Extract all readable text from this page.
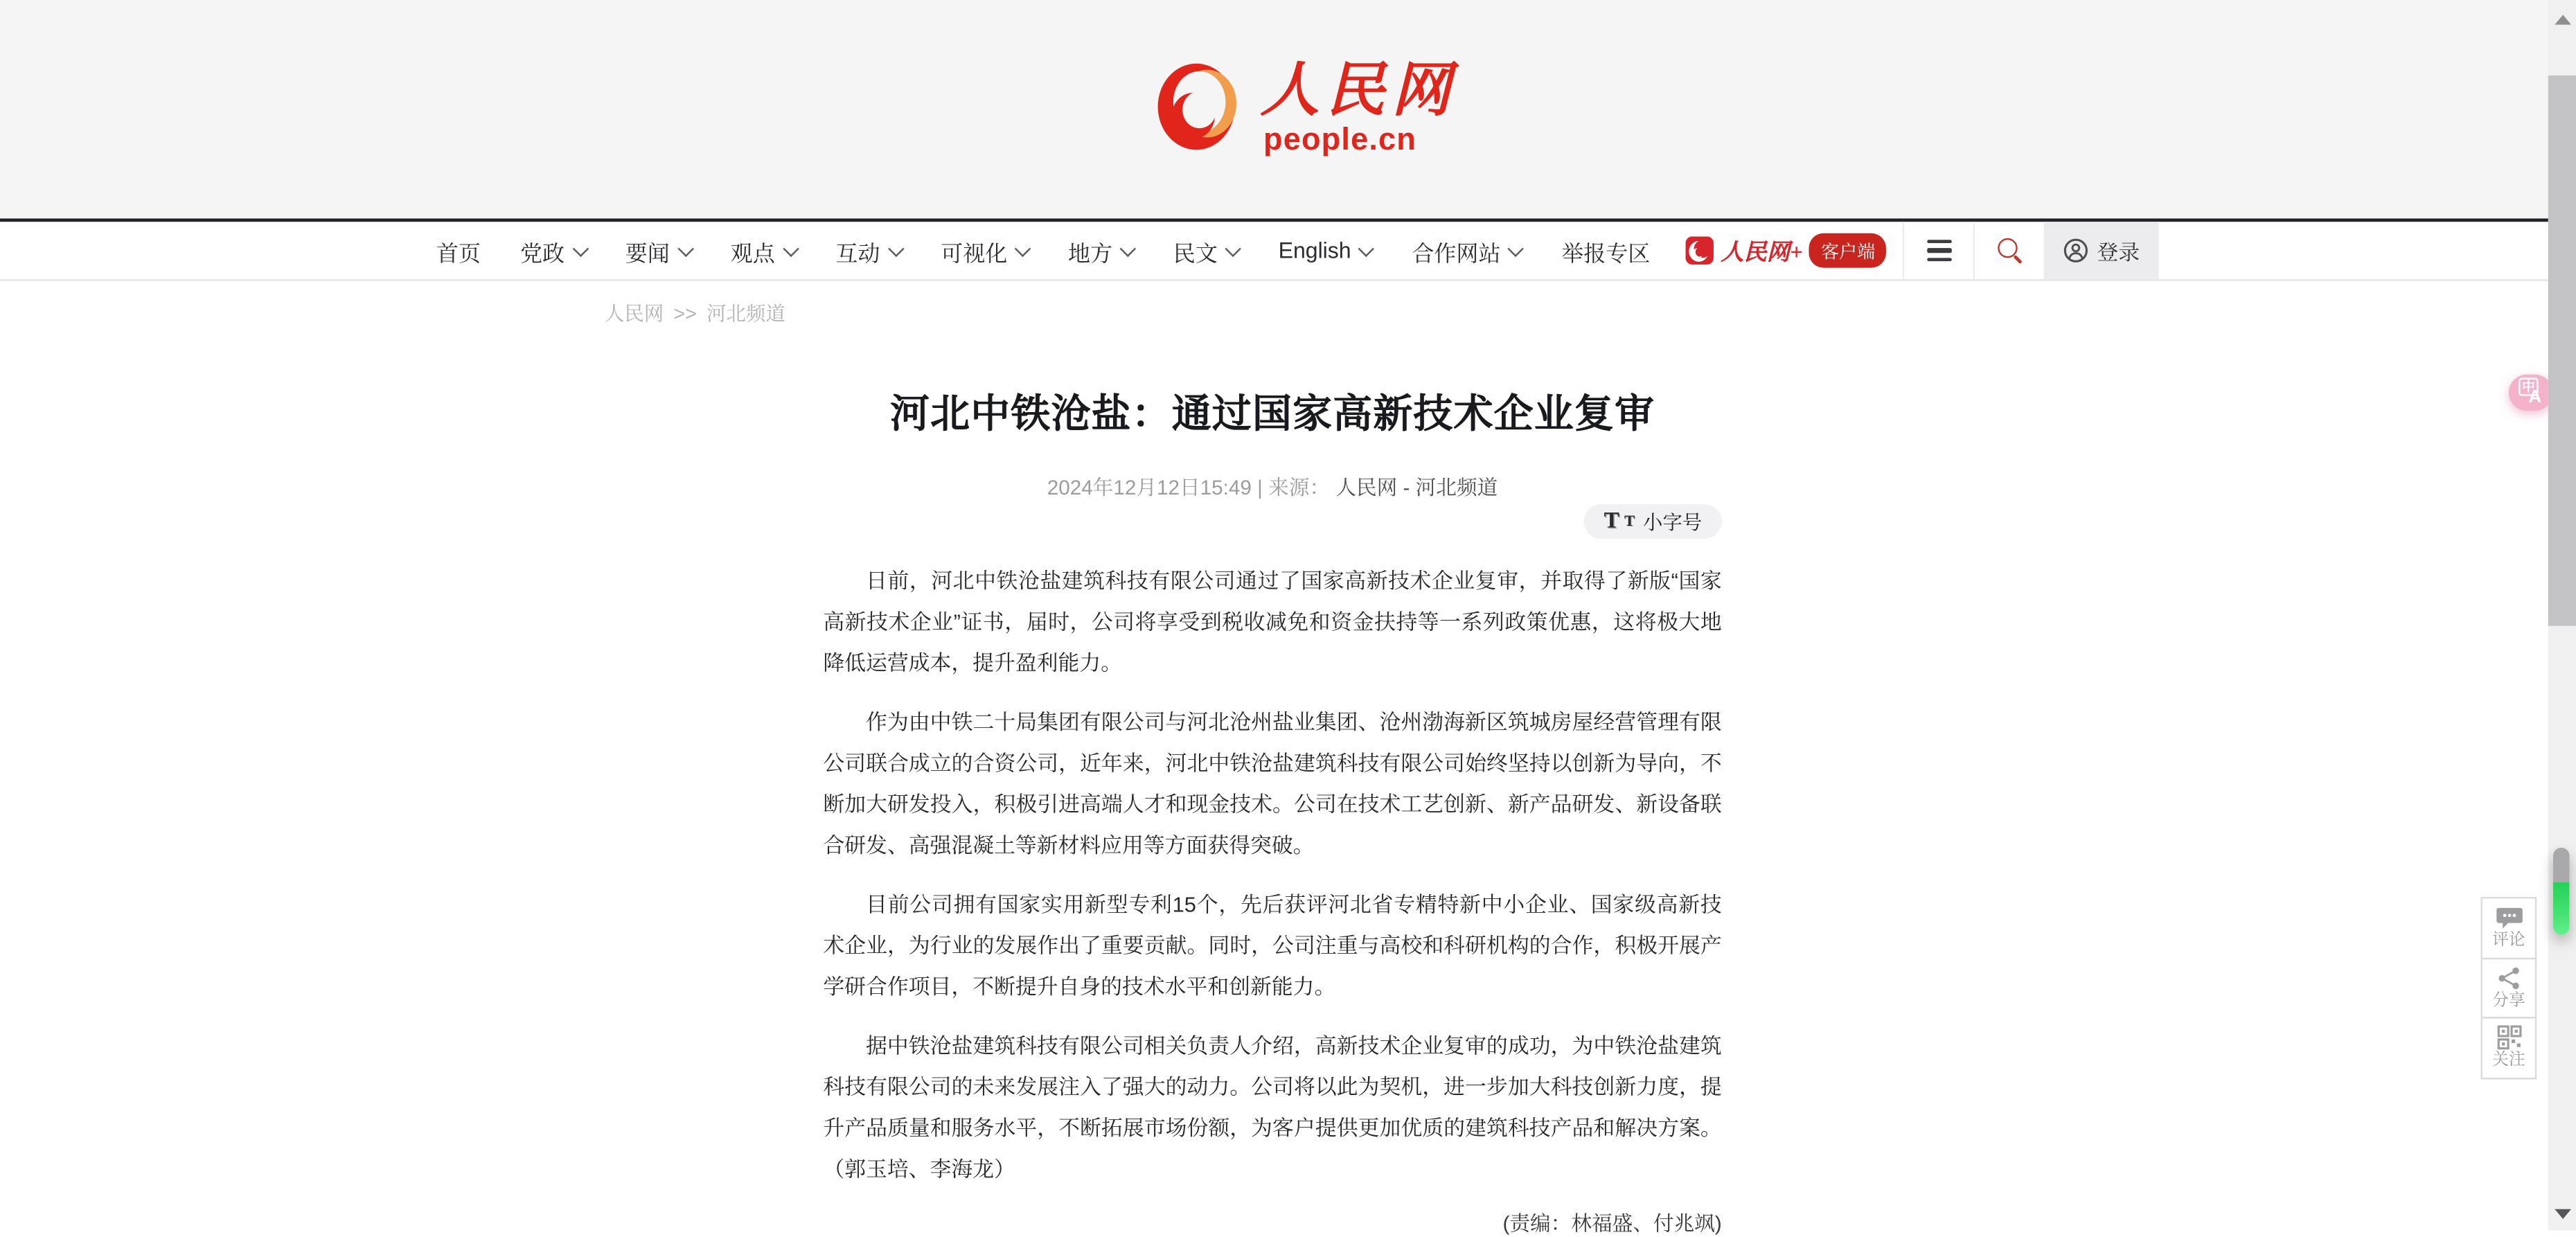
人民网
people.cn
首页	党政	要闻	观点	互动	可视化	地方	民文	English	合作网站	举报专区	人民网+	客户端	登录
人民网 >> 河北频道
河北中铁沧盐：通过国家高新技术企业复审
2024年12月12日15:49 | 来源： 人民网 - 河北频道
T T 小字号

日前，河北中铁沧盐建筑科技有限公司通过了国家高新技术企业复审，并取得了新版“国家高新技术企业”证书，届时，公司将享受到税收减免和资金扶持等一系列政策优惠，这将极大地降低运营成本，提升盈利能力。

作为由中铁二十局集团有限公司与河北沧州盐业集团、沧州渤海新区筑城房屋经营管理有限公司联合成立的合资公司，近年来，河北中铁沧盐建筑科技有限公司始终坚持以创新为导向，不断加大研发投入，积极引进高端人才和现金技术。公司在技术工艺创新、新产品研发、新设备联合研发、高强混凝土等新材料应用等方面获得突破。

目前公司拥有国家实用新型专利15个，先后获评河北省专精特新中小企业、国家级高新技术企业，为行业的发展作出了重要贡献。同时，公司注重与高校和科研机构的合作，积极开展产学研合作项目，不断提升自身的技术水平和创新能力。

据中铁沧盐建筑科技有限公司相关负责人介绍，高新技术企业复审的成功，为中铁沧盐建筑科技有限公司的未来发展注入了强大的动力。公司将以此为契机，进一步加大科技创新力度，提升产品质量和服务水平，不断拓展市场份额，为客户提供更加优质的建筑科技产品和解决方案。（郭玉培、李海龙）

(责编：林福盛、付兆飒)
评论
分享
关注
中
A
